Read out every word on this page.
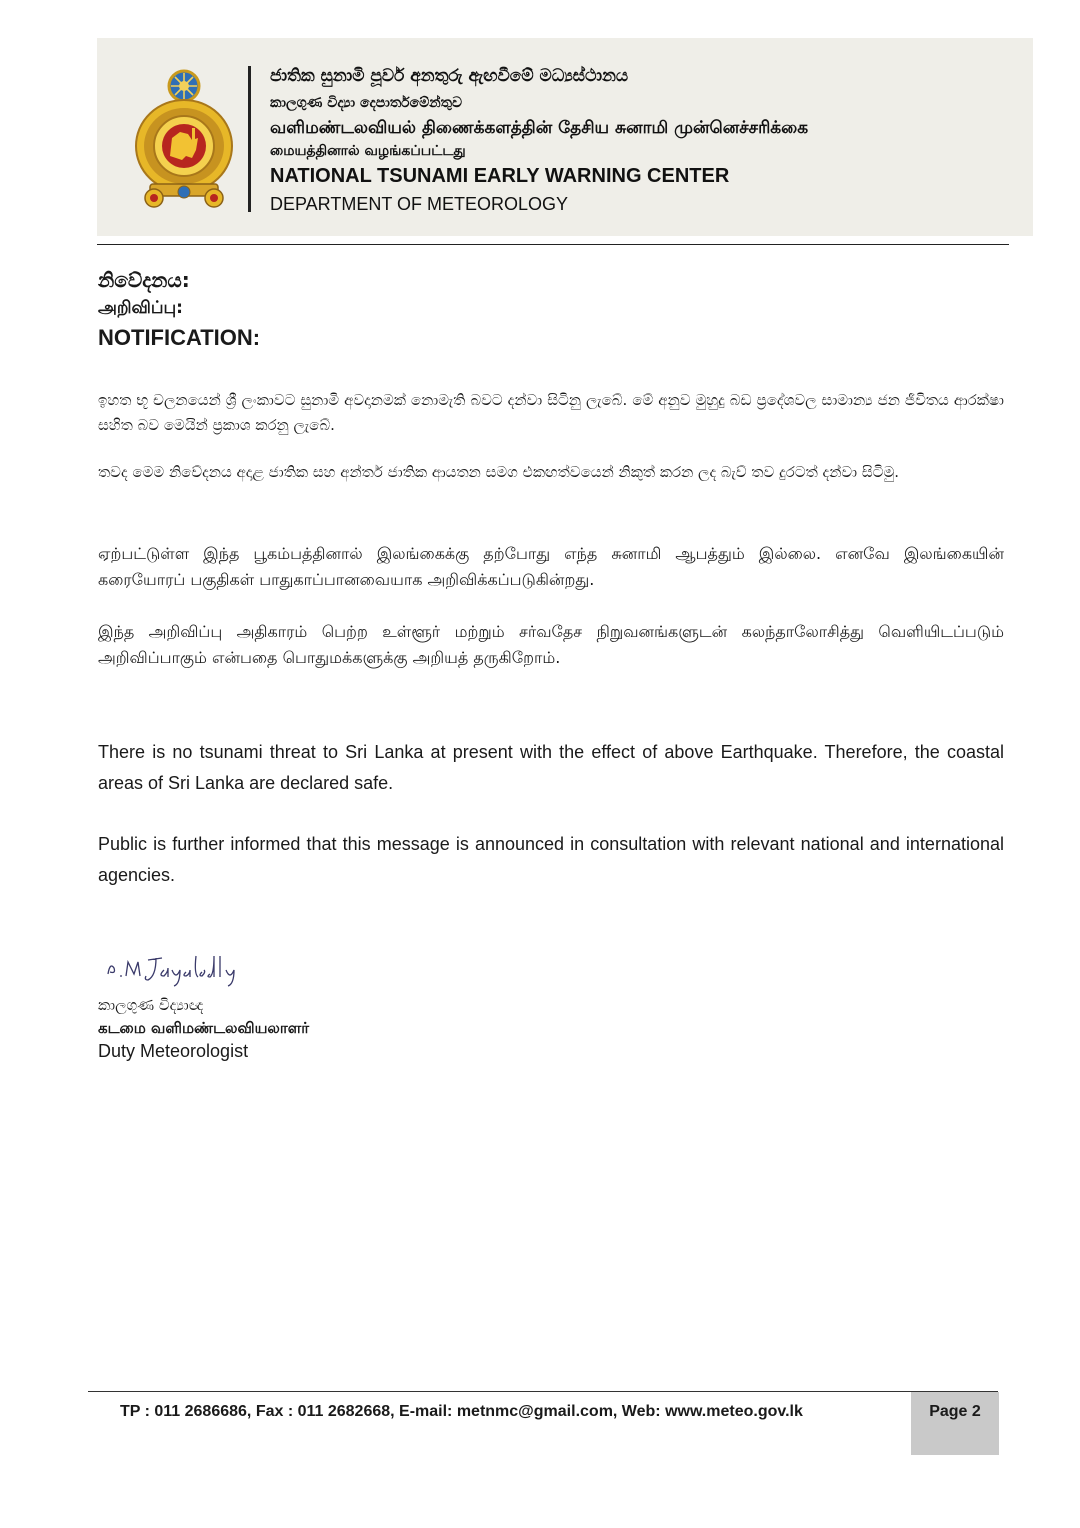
ජාතික සුනාමි පූර්ව අනතුරු ඇඟවීමේ මධ්‍යස්ථානය

කාලගුණ විද්‍යා දෙපාර්තමේන්තුව

வளிமண்டலவியல் திணைக்களத்தின் தேசிய சுனாமி முன்னெச்சரிக்கை

மையத்தினால் வழங்கப்பட்டது

NATIONAL TSUNAMI EARLY WARNING CENTER

DEPARTMENT OF METEOROLOGY

නිවේදනය:

அறிவிப்பு:

NOTIFICATION:

ඉහත භූ චලනයෙන් ශ්‍රී ලංකාවට සුනාමි අවදානමක් නොමැති බවට දන්වා සිටිනු ලැබේ. මේ අනුව මුහුදු බඩ ප්‍රදේශවල සාමාන්‍ය ජන ජීවිතය ආරක්ෂා සහිත බව මෙයින් ප්‍රකාශ කරනු ලැබේ.

තවද මෙම නිවේදනය අදාළ ජාතික සහ අන්තර් ජාතික ආයතන සමග එකඟත්වයෙන් නිකුත් කරන ලද බැව් තව දුරටත් දන්වා සිටිමු.

ஏற்பட்டுள்ள இந்த பூகம்பத்தினால் இலங்கைக்கு தற்போது எந்த சுனாமி ஆபத்தும் இல்லை. எனவே இலங்கையின் கரையோரப் பகுதிகள் பாதுகாப்பானவையாக அறிவிக்கப்படுகின்றது.

இந்த அறிவிப்பு அதிகாரம் பெற்ற உள்ளூர் மற்றும் சர்வதேச நிறுவனங்களுடன் கலந்தாலோசித்து வெளியிடப்படும் அறிவிப்பாகும் என்பதை பொதுமக்களுக்கு அறியத் தருகிறோம்.

There is no tsunami threat to Sri Lanka at present with the effect of above Earthquake. Therefore, the coastal areas of Sri Lanka are declared safe.

Public is further informed that this message is announced in consultation with relevant national and international agencies.

කාලගුණ විද්‍යාඥ

கடமை வளிமண்டலவியலாளர்

Duty Meteorologist

TP : 011 2686686, Fax : 011 2682668, E-mail: metnmc@gmail.com, Web: www.meteo.gov.lk	Page 2
